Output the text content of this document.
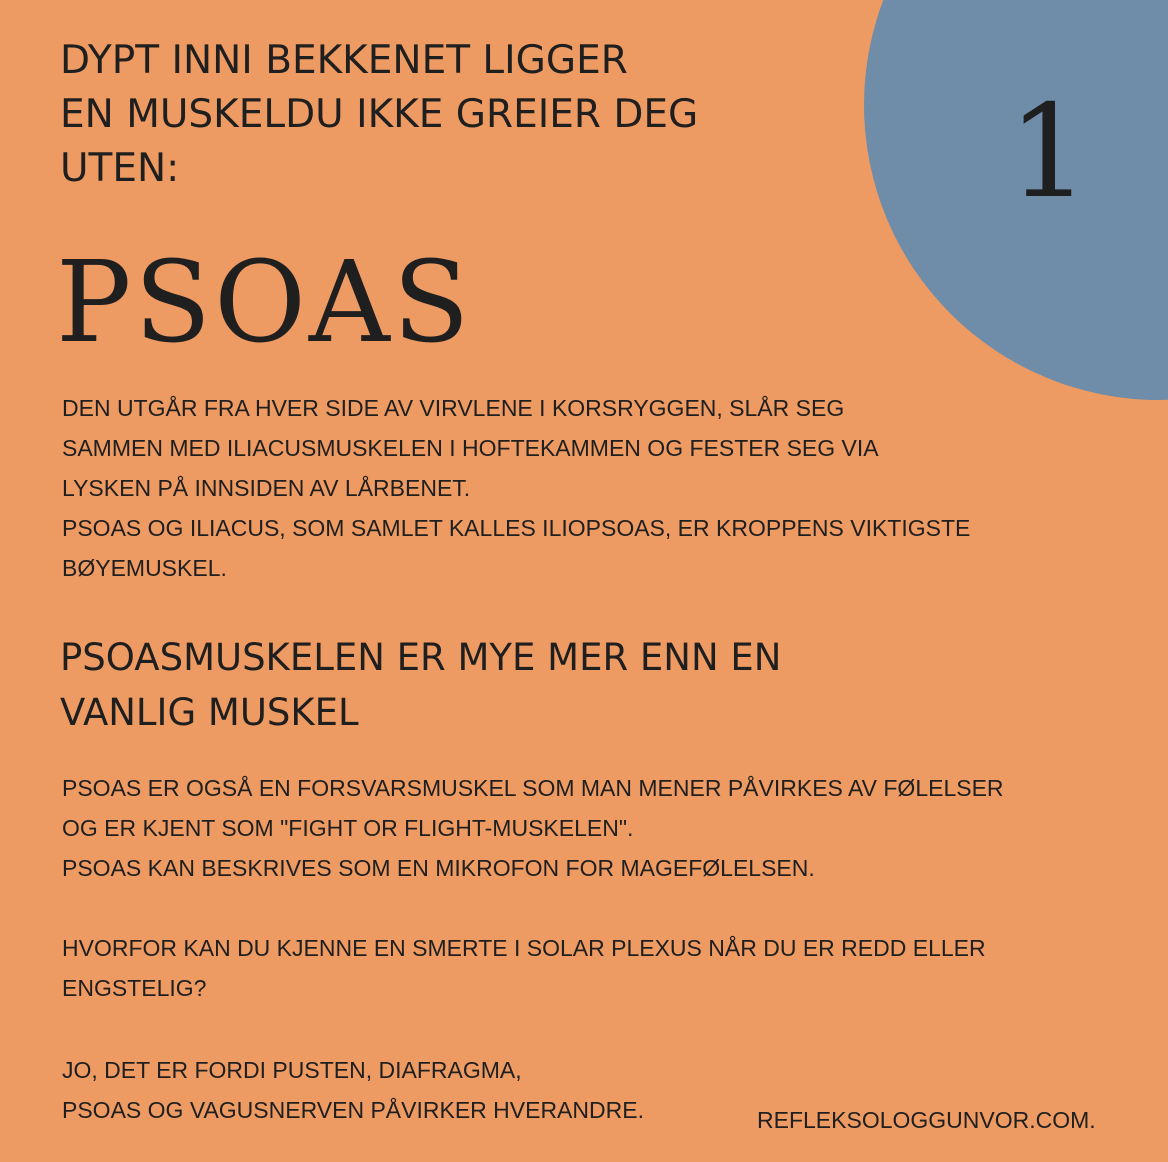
1
DYPT INNI BEKKENET LIGGER
EN MUSKELDU IKKE GREIER DEG
UTEN:
PSOAS

DEN UTGÅR FRA HVER SIDE AV VIRVLENE I KORSRYGGEN, SLÅR SEG
SAMMEN MED ILIACUSMUSKELEN I HOFTEKAMMEN OG FESTER SEG VIA
LYSKEN PÅ INNSIDEN AV LÅRBENET.
PSOAS OG ILIACUS, SOM SAMLET KALLES ILIOPSOAS, ER KROPPENS VIKTIGSTE
BØYEMUSKEL.

PSOASMUSKELEN ER MYE MER ENN EN
VANLIG MUSKEL

PSOAS ER OGSÅ EN FORSVARSMUSKEL SOM MAN MENER PÅVIRKES AV FØLELSER
OG ER KJENT SOM "FIGHT OR FLIGHT-MUSKELEN".
PSOAS KAN BESKRIVES SOM EN MIKROFON FOR MAGEFØLELSEN.

HVORFOR KAN DU KJENNE EN SMERTE I SOLAR PLEXUS NÅR DU ER REDD ELLER
ENGSTELIG?

JO, DET ER FORDI PUSTEN, DIAFRAGMA,
PSOAS OG VAGUSNERVEN PÅVIRKER HVERANDRE.	REFLEKSOLOGGUNVOR.COM.
